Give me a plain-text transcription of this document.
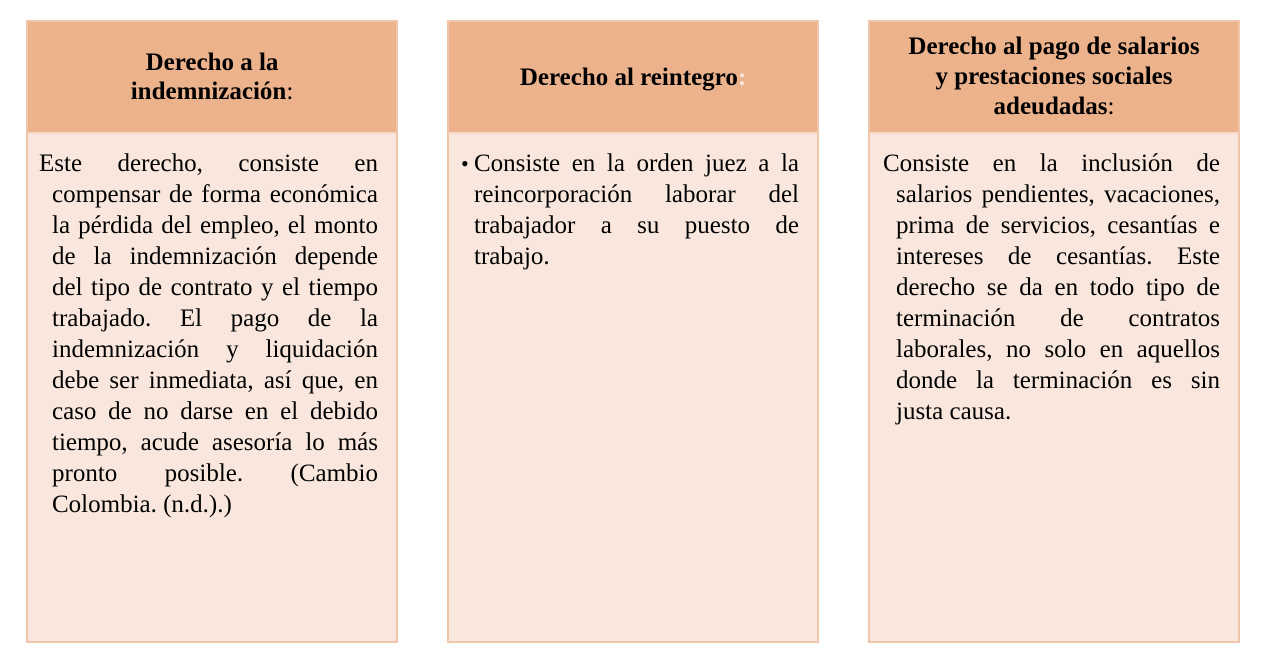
Derecho a la indemnización:
Este derecho, consiste en compensar de forma económica la pérdida del empleo, el monto de la indemnización depende del tipo de contrato y el tiempo trabajado. El pago de la indemnización y liquidación debe ser inmediata, así que, en caso de no darse en el debido tiempo, acude asesoría lo más pronto posible. (Cambio Colombia. (n.d.).)
Derecho al reintegro:
• Consiste en la orden juez a la reincorporación laborar del trabajador a su puesto de trabajo.
Derecho al pago de salarios y prestaciones sociales adeudadas:
Consiste en la inclusión de salarios pendientes, vacaciones, prima de servicios, cesantías e intereses de cesantías. Este derecho se da en todo tipo de terminación de contratos laborales, no solo en aquellos donde la terminación es sin justa causa.
